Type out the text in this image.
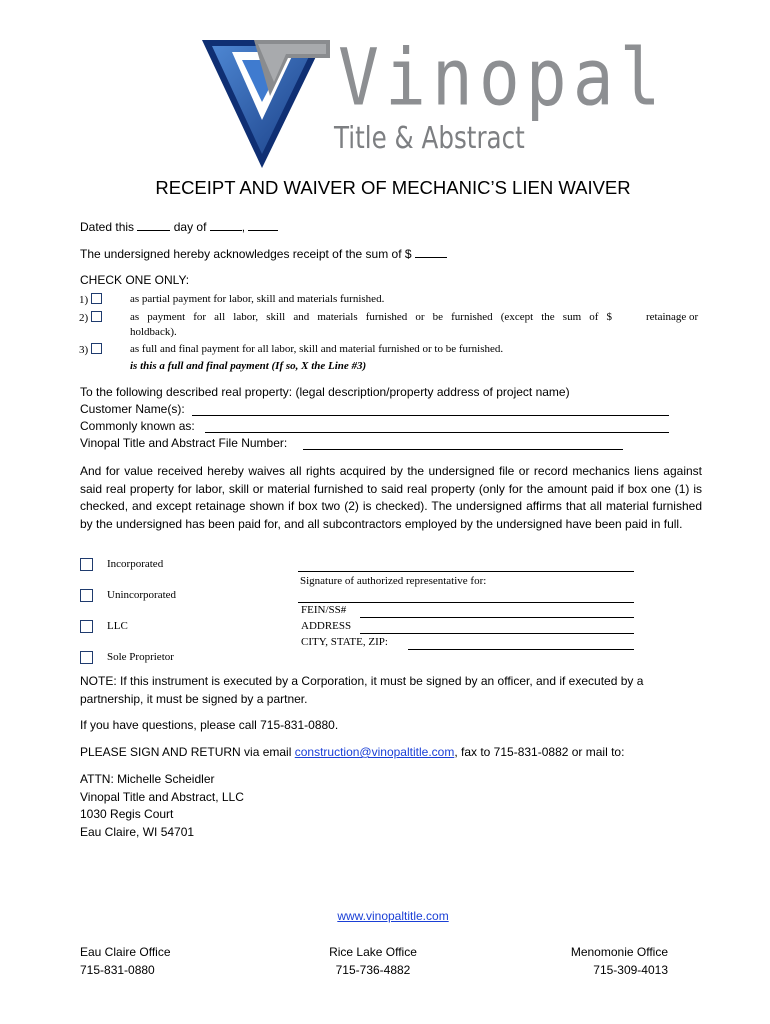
Vinopal
Title & Abstract
RECEIPT AND WAIVER OF MECHANIC’S LIEN WAIVER
Dated this	day of	,
The undersigned hereby acknowledges receipt of the sum of $
CHECK ONE ONLY:
1)	as partial payment for labor, skill and materials furnished.
2)	as payment for all labor, skill and materials furnished or be furnished (except the sum of $	retainage or
holdback).
3)	as full and final payment for all labor, skill and material furnished or to be furnished.
is this a full and final payment (If so, X the Line #3)
To the following described real property: (legal description/property address of project name)
Customer Name(s):
Commonly known as:
Vinopal Title and Abstract File Number:
And for value received hereby waives all rights acquired by the undersigned file or record mechanics liens against said real property for labor, skill or material furnished to said real property (only for the amount paid if box one (1) is checked, and except retainage shown if box two (2) is checked). The undersigned affirms that all material furnished by the undersigned has been paid for, and all subcontractors employed by the undersigned have been paid in full.
Incorporated
Unincorporated
LLC
Sole Proprietor
Signature of authorized representative for:
FEIN/SS#
ADDRESS
CITY, STATE, ZIP:
NOTE: If this instrument is executed by a Corporation, it must be signed by an officer, and if executed by a partnership, it must be signed by a partner.
If you have questions, please call 715-831-0880.
PLEASE SIGN AND RETURN via email construction@vinopaltitle.com, fax to 715-831-0882 or mail to:
ATTN: Michelle Scheidler
Vinopal Title and Abstract, LLC
1030 Regis Court
Eau Claire, WI 54701
www.vinopaltitle.com
Eau Claire Office
715-831-0880
Rice Lake Office
715-736-4882
Menomonie Office
715-309-4013
